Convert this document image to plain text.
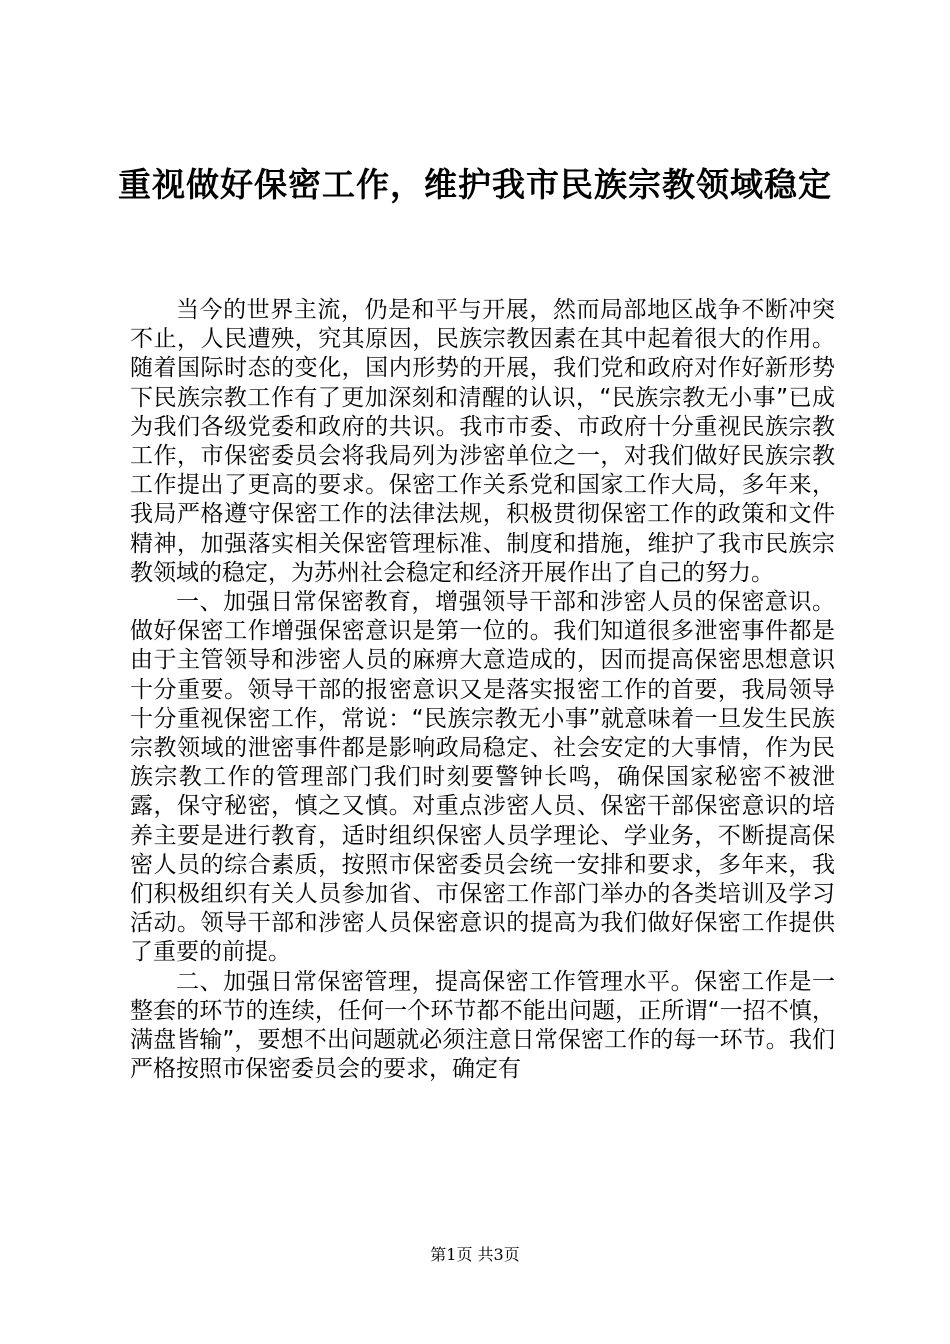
重视做好保密工作，维护我市民族宗教领域稳定

当今的世界主流，仍是和平与开展，然而局部地区战争不断冲突不止，人民遭殃，究其原因，民族宗教因素在其中起着很大的作用。随着国际时态的变化，国内形势的开展，我们党和政府对作好新形势下民族宗教工作有了更加深刻和清醒的认识，“民族宗教无小事”已成为我们各级党委和政府的共识。我市市委、市政府十分重视民族宗教工作，市保密委员会将我局列为涉密单位之一，对我们做好民族宗教工作提出了更高的要求。保密工作关系党和国家工作大局，多年来，我局严格遵守保密工作的法律法规，积极贯彻保密工作的政策和文件精神，加强落实相关保密管理标准、制度和措施，维护了我市民族宗教领域的稳定，为苏州社会稳定和经济开展作出了自己的努力。

一、加强日常保密教育，增强领导干部和涉密人员的保密意识。做好保密工作增强保密意识是第一位的。我们知道很多泄密事件都是由于主管领导和涉密人员的麻痹大意造成的，因而提高保密思想意识十分重要。领导干部的报密意识又是落实报密工作的首要，我局领导十分重视保密工作，常说：“民族宗教无小事”就意味着一旦发生民族宗教领域的泄密事件都是影响政局稳定、社会安定的大事情，作为民族宗教工作的管理部门我们时刻要警钟长鸣，确保国家秘密不被泄露，保守秘密，慎之又慎。对重点涉密人员、保密干部保密意识的培养主要是进行教育，适时组织保密人员学理论、学业务，不断提高保密人员的综合素质，按照市保密委员会统一安排和要求，多年来，我们积极组织有关人员参加省、市保密工作部门举办的各类培训及学习活动。领导干部和涉密人员保密意识的提高为我们做好保密工作提供了重要的前提。

二、加强日常保密管理，提高保密工作管理水平。保密工作是一整套的环节的连续，任何一个环节都不能出问题，正所谓“一招不慎，满盘皆输”，要想不出问题就必须注意日常保密工作的每一环节。我们严格按照市保密委员会的要求，确定有

第1页 共3页
